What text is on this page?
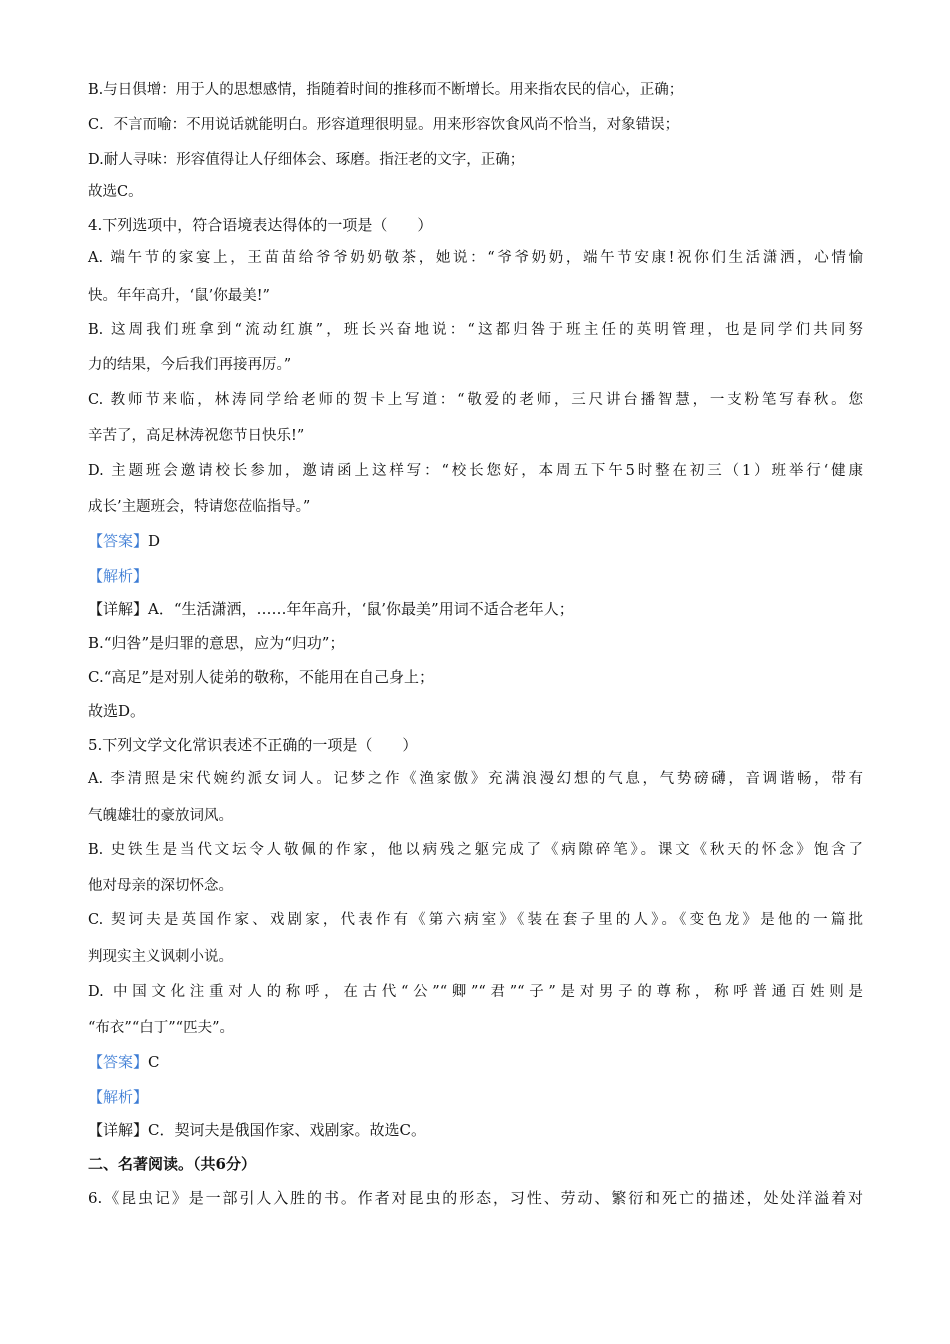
B.与日俱增：用于人的思想感情，指随着时间的推移而不断增长。用来指农民的信心，正确；
C．不言而喻：不用说话就能明白。形容道理很明显。用来形容饮食风尚不恰当，对象错误；
D.耐人寻味：形容值得让人仔细体会、琢磨。指汪老的文字，正确；
故选C。
4.下列选项中，符合语境表达得体的一项是（　　）
A. 端午节的家宴上，王苗苗给爷爷奶奶敬茶，她说：“爷爷奶奶，端午节安康!祝你们生活潇洒，心情愉
快。年年高升，‘鼠’你最美!”
B. 这周我们班拿到“流动红旗”，班长兴奋地说：“这都归咎于班主任的英明管理，也是同学们共同努
力的结果，今后我们再接再厉。”
C. 教师节来临，林涛同学给老师的贺卡上写道：“敬爱的老师，三尺讲台播智慧，一支粉笔写春秋。您
辛苦了，高足林涛祝您节日快乐!”
D. 主题班会邀请校长参加，邀请函上这样写：“校长您好，本周五下午5时整在初三（1）班举行‘健康
成长’主题班会，特请您莅临指导。”
【答案】D
【解析】
【详解】A．“生活潇洒，……年年高升，‘鼠’你最美”用词不适合老年人；
B.“归咎”是归罪的意思，应为“归功”；
C.“高足”是对别人徒弟的敬称，不能用在自己身上；
故选D。
5.下列文学文化常识表述不正确的一项是（　　）
A. 李清照是宋代婉约派女词人。记梦之作《渔家傲》充满浪漫幻想的气息，气势磅礴，音调谐畅，带有
气魄雄壮的豪放词风。
B. 史铁生是当代文坛令人敬佩的作家，他以病残之躯完成了《病隙碎笔》。课文《秋天的怀念》饱含了
他对母亲的深切怀念。
C. 契诃夫是英国作家、戏剧家，代表作有《第六病室》《装在套子里的人》。《变色龙》是他的一篇批
判现实主义讽刺小说。
D. 中国文化注重对人的称呼，在古代“公”“卿”“君”“子”是对男子的尊称，称呼普通百姓则是
“布衣”“白丁”“匹夫”。
【答案】C
【解析】
【详解】C．契诃夫是俄国作家、戏剧家。故选C。
二、名著阅读。（共6分）
6.《昆虫记》是一部引人入胜的书。作者对昆虫的形态，习性、劳动、繁衍和死亡的描述，处处洋溢着对
